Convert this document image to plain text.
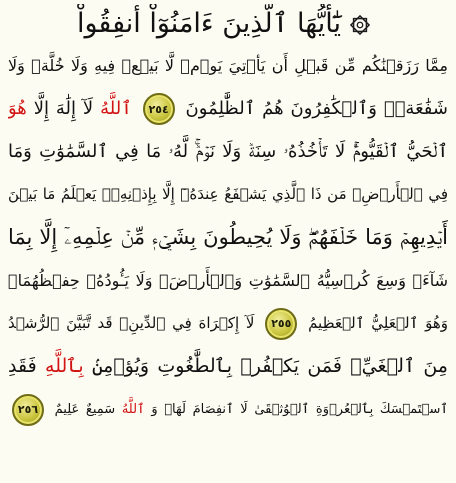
يَٰٓأَيُّهَا ٱلَّذِينَ ءَامَنُوٓاْ أَنفِقُواْ
مِمَّا رَزَقۡنَٰكُم مِّن قَبۡلِ أَن يَأۡتِيَ يَوۡمٞ لَّا بَيۡعٞ فِيهِ وَلَا خُلَّةٞ وَلَا
شَفَٰعَةٞۗ وَٱلۡكَٰفِرُونَ هُمُ ٱلظَّٰلِمُونَ ٢٥٤ ٱللَّهُ لَآ إِلَٰهَ إِلَّا هُوَ
ٱلۡحَيُّ ٱلۡقَيُّومُۚ لَا تَأۡخُذُهُۥ سِنَةٞ وَلَا نَوۡمٞۚ لَّهُۥ مَا فِي ٱلسَّمَٰوَٰتِ وَمَا
فِي ٱلۡأَرۡضِۗ مَن ذَا ٱلَّذِي يَشۡفَعُ عِندَهُۥٓ إِلَّا بِإِذۡنِهِۦۚ يَعۡلَمُ مَا بَيۡنَ
أَيۡدِيهِمۡ وَمَا خَلۡفَهُمۡۖ وَلَا يُحِيطُونَ بِشَيۡءٖ مِّنۡ عِلۡمِهِۦٓ إِلَّا بِمَا
شَآءَۚ وَسِعَ كُرۡسِيُّهُ ٱلسَّمَٰوَٰتِ وَٱلۡأَرۡضَۖ وَلَا يَـُٔودُهُۥ حِفۡظُهُمَاۚ
وَهُوَ ٱلۡعَلِيُّ ٱلۡعَظِيمُ ٢٥٥ لَآ إِكۡرَاهَ فِي ٱلدِّينِۖ قَد تَّبَيَّنَ ٱلرُّشۡدُ
مِنَ ٱلۡغَيِّۚ فَمَن يَكۡفُرۡ بِٱلطَّٰغُوتِ وَيُؤۡمِنۢ بِٱللَّهِ فَقَدِ
ٱسۡتَمۡسَكَ بِٱلۡعُرۡوَةِ ٱلۡوُثۡقَىٰ لَا ٱنفِصَامَ لَهَاۗ وَ ٱللَّهُ سَمِيعٌ عَلِيمٌ ٢٥٦
